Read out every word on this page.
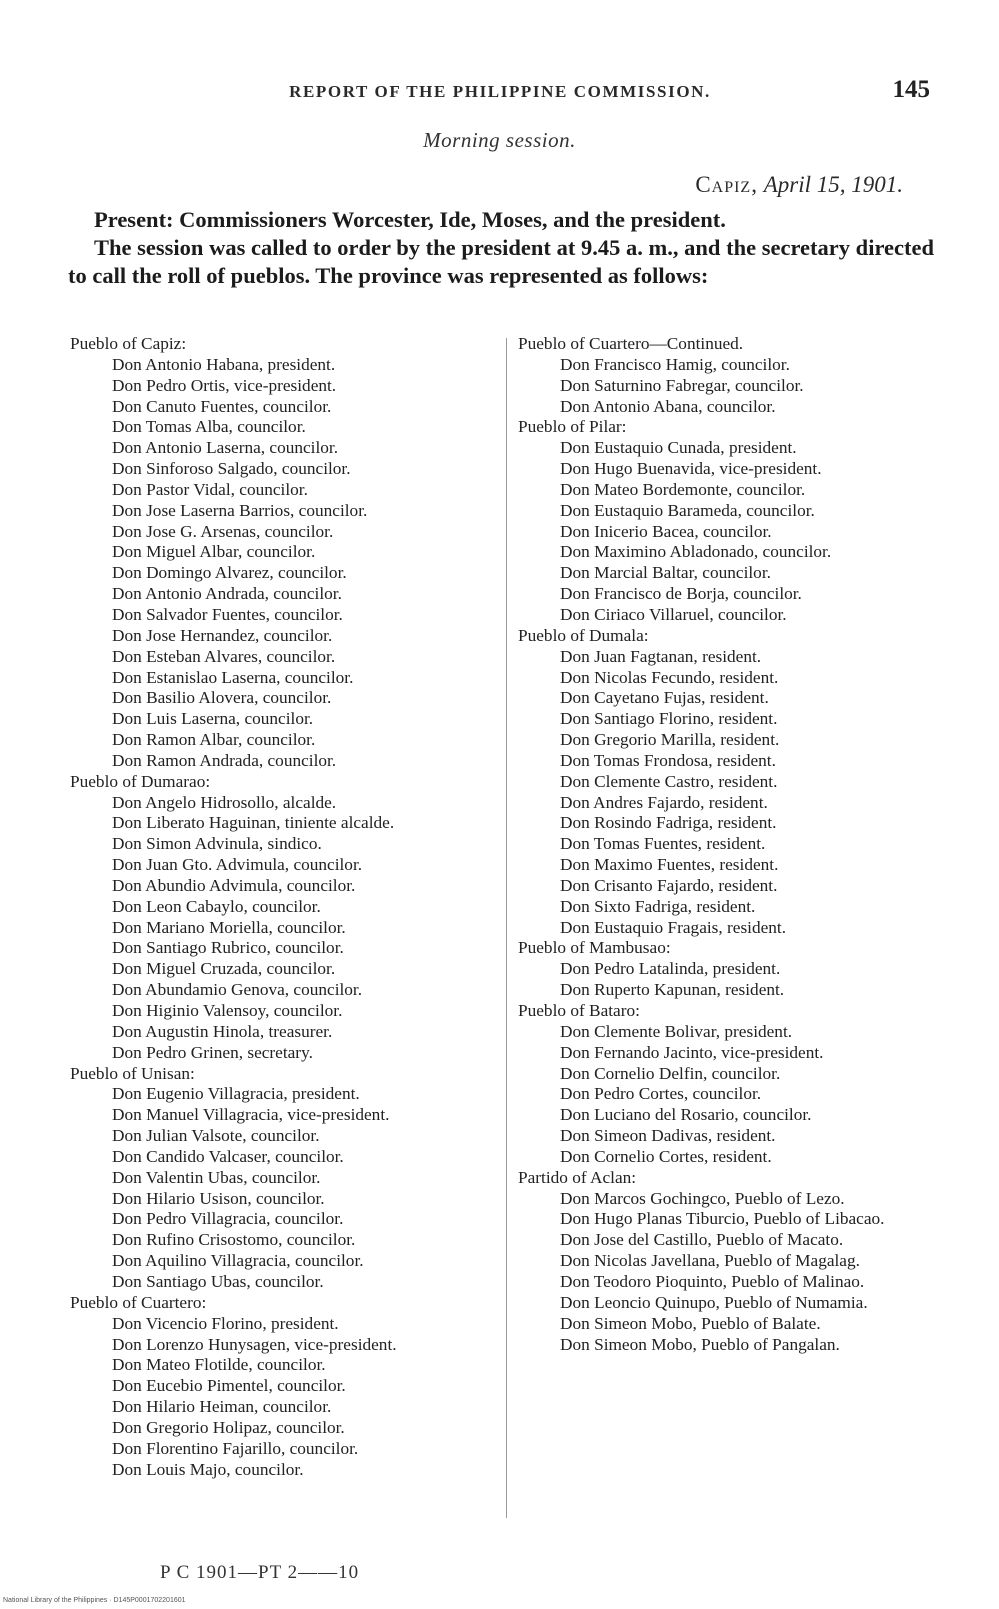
REPORT OF THE PHILIPPINE COMMISSION.	145
Morning session.
Capiz, April 15, 1901.

Present: Commissioners Worcester, Ide, Moses, and the president.

The session was called to order by the president at 9.45 a. m., and the secretary directed to call the roll of pueblos. The province was represented as follows:

Pueblo of Capiz:
Don Antonio Habana, president.
Don Pedro Ortis, vice-president.
Don Canuto Fuentes, councilor.
Don Tomas Alba, councilor.
Don Antonio Laserna, councilor.
Don Sinforoso Salgado, councilor.
Don Pastor Vidal, councilor.
Don Jose Laserna Barrios, councilor.
Don Jose G. Arsenas, councilor.
Don Miguel Albar, councilor.
Don Domingo Alvarez, councilor.
Don Antonio Andrada, councilor.
Don Salvador Fuentes, councilor.
Don Jose Hernandez, councilor.
Don Esteban Alvares, councilor.
Don Estanislao Laserna, councilor.
Don Basilio Alovera, councilor.
Don Luis Laserna, councilor.
Don Ramon Albar, councilor.
Don Ramon Andrada, councilor.
Pueblo of Dumarao:
Don Angelo Hidrosollo, alcalde.
Don Liberato Haguinan, tiniente alcalde.
Don Simon Advinula, sindico.
Don Juan Gto. Advimula, councilor.
Don Abundio Advimula, councilor.
Don Leon Cabaylo, councilor.
Don Mariano Moriella, councilor.
Don Santiago Rubrico, councilor.
Don Miguel Cruzada, councilor.
Don Abundamio Genova, councilor.
Don Higinio Valensoy, councilor.
Don Augustin Hinola, treasurer.
Don Pedro Grinen, secretary.
Pueblo of Unisan:
Don Eugenio Villagracia, president.
Don Manuel Villagracia, vice-president.
Don Julian Valsote, councilor.
Don Candido Valcaser, councilor.
Don Valentin Ubas, councilor.
Don Hilario Usison, councilor.
Don Pedro Villagracia, councilor.
Don Rufino Crisostomo, councilor.
Don Aquilino Villagracia, councilor.
Don Santiago Ubas, councilor.
Pueblo of Cuartero:
Don Vicencio Florino, president.
Don Lorenzo Hunysagen, vice-president.
Don Mateo Flotilde, councilor.
Don Eucebio Pimentel, councilor.
Don Hilario Heiman, councilor.
Don Gregorio Holipaz, councilor.
Don Florentino Fajarillo, councilor.
Don Louis Majo, councilor.
Pueblo of Cuartero—Continued.
Don Francisco Hamig, councilor.
Don Saturnino Fabregar, councilor.
Don Antonio Abana, councilor.
Pueblo of Pilar:
Don Eustaquio Cunada, president.
Don Hugo Buenavida, vice-president.
Don Mateo Bordemonte, councilor.
Don Eustaquio Barameda, councilor.
Don Inicerio Bacea, councilor.
Don Maximino Abladonado, councilor.
Don Marcial Baltar, councilor.
Don Francisco de Borja, councilor.
Don Ciriaco Villaruel, councilor.
Pueblo of Dumala:
Don Juan Fagtanan, resident.
Don Nicolas Fecundo, resident.
Don Cayetano Fujas, resident.
Don Santiago Florino, resident.
Don Gregorio Marilla, resident.
Don Tomas Frondosa, resident.
Don Clemente Castro, resident.
Don Andres Fajardo, resident.
Don Rosindo Fadriga, resident.
Don Tomas Fuentes, resident.
Don Maximo Fuentes, resident.
Don Crisanto Fajardo, resident.
Don Sixto Fadriga, resident.
Don Eustaquio Fragais, resident.
Pueblo of Mambusao:
Don Pedro Latalinda, president.
Don Ruperto Kapunan, resident.
Pueblo of Bataro:
Don Clemente Bolivar, president.
Don Fernando Jacinto, vice-president.
Don Cornelio Delfin, councilor.
Don Pedro Cortes, councilor.
Don Luciano del Rosario, councilor.
Don Simeon Dadivas, resident.
Don Cornelio Cortes, resident.
Partido of Aclan:
Don Marcos Gochingco, Pueblo of Lezo.
Don Hugo Planas Tiburcio, Pueblo of Libacao.
Don Jose del Castillo, Pueblo of Macato.
Don Nicolas Javellana, Pueblo of Magalag.
Don Teodoro Pioquinto, Pueblo of Malinao.
Don Leoncio Quinupo, Pueblo of Numamia.
Don Simeon Mobo, Pueblo of Balate.
Don Simeon Mobo, Pueblo of Pangalan.
P C 1901—PT 2——10
National Library of the Philippines · D145P0001702201601
